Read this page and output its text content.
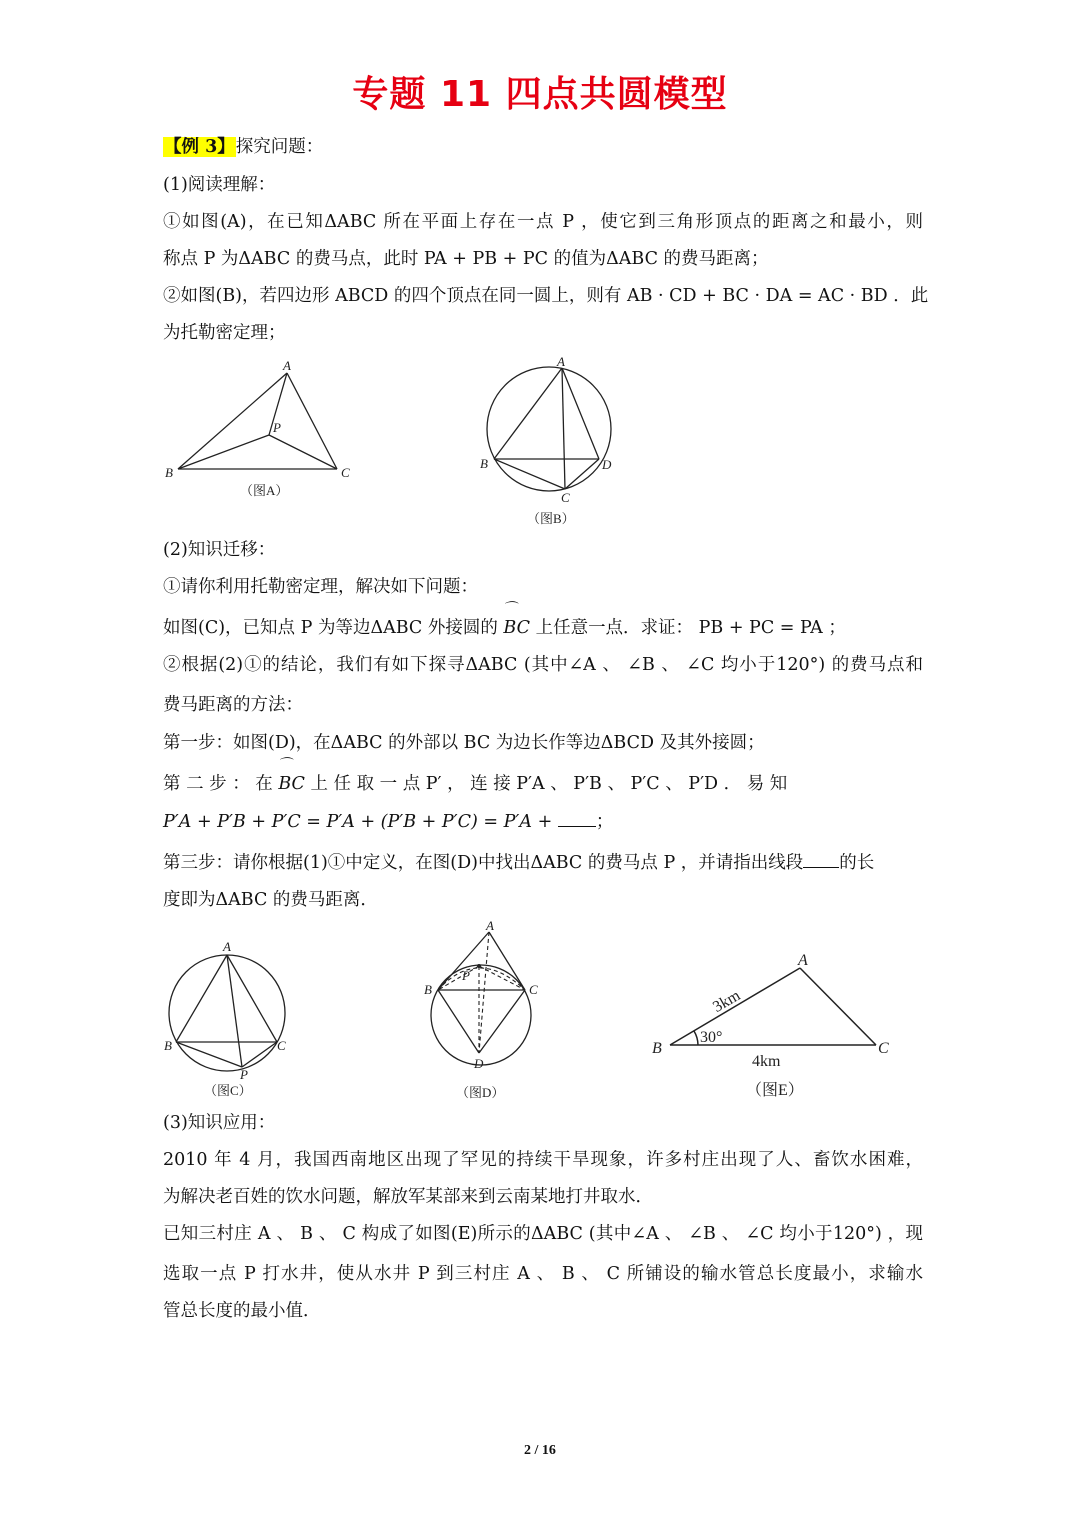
专题 11 四点共圆模型
【例 3】探究问题：
(1)阅读理解：
①如图(A)，在已知ΔABC 所在平面上存在一点 P ，使它到三角形顶点的距离之和最小，则
称点 P 为ΔABC 的费马点，此时 PA + PB + PC 的值为ΔABC 的费马距离；
②如图(B)，若四边形 ABCD 的四个顶点在同一圆上，则有 AB · CD + BC · DA = AC · BD ．此
为托勒密定理；
A
B	C
P
（图A）
A
B
C
D
（图B）
(2)知识迁移：
①请你利用托勒密定理，解决如下问题：
如图(C)，已知点 P 为等边ΔABC 外接圆的 ⌒ BC 上任意一点．求证： PB + PC = PA ；
②根据(2)①的结论，我们有如下探寻ΔABC (其中∠A 、 ∠B 、 ∠C 均小于120°) 的费马点和
费马距离的方法：
第一步：如图(D)，在ΔABC 的外部以 BC 为边长作等边ΔBCD 及其外接圆；
第 二 步 ： 在 ⌒ BC 上 任 取 一 点 P′ ， 连 接 P′A 、 P′B 、 P′C 、 P′D ． 易 知
P′A + P′B + P′C = P′A + (P′B + P′C) = P′A + ；
第三步：请你根据(1)①中定义，在图(D)中找出ΔABC 的费马点 P ，并请指出线段 的长
度即为ΔABC 的费马距离．
A
B	C
P
（图C）
A
B	C
D
P
（图D）
A
B	C
3km
4km
30°
（图E）
(3)知识应用：
2010 年 4 月，我国西南地区出现了罕见的持续干旱现象，许多村庄出现了人、畜饮水困难，
为解决老百姓的饮水问题，解放军某部来到云南某地打井取水．
已知三村庄 A 、 B 、 C 构成了如图(E)所示的ΔABC (其中∠A 、 ∠B 、 ∠C 均小于120°) ，现
选取一点 P 打水井，使从水井 P 到三村庄 A 、 B 、 C 所铺设的输水管总长度最小，求输水
管总长度的最小值．
2 / 16
